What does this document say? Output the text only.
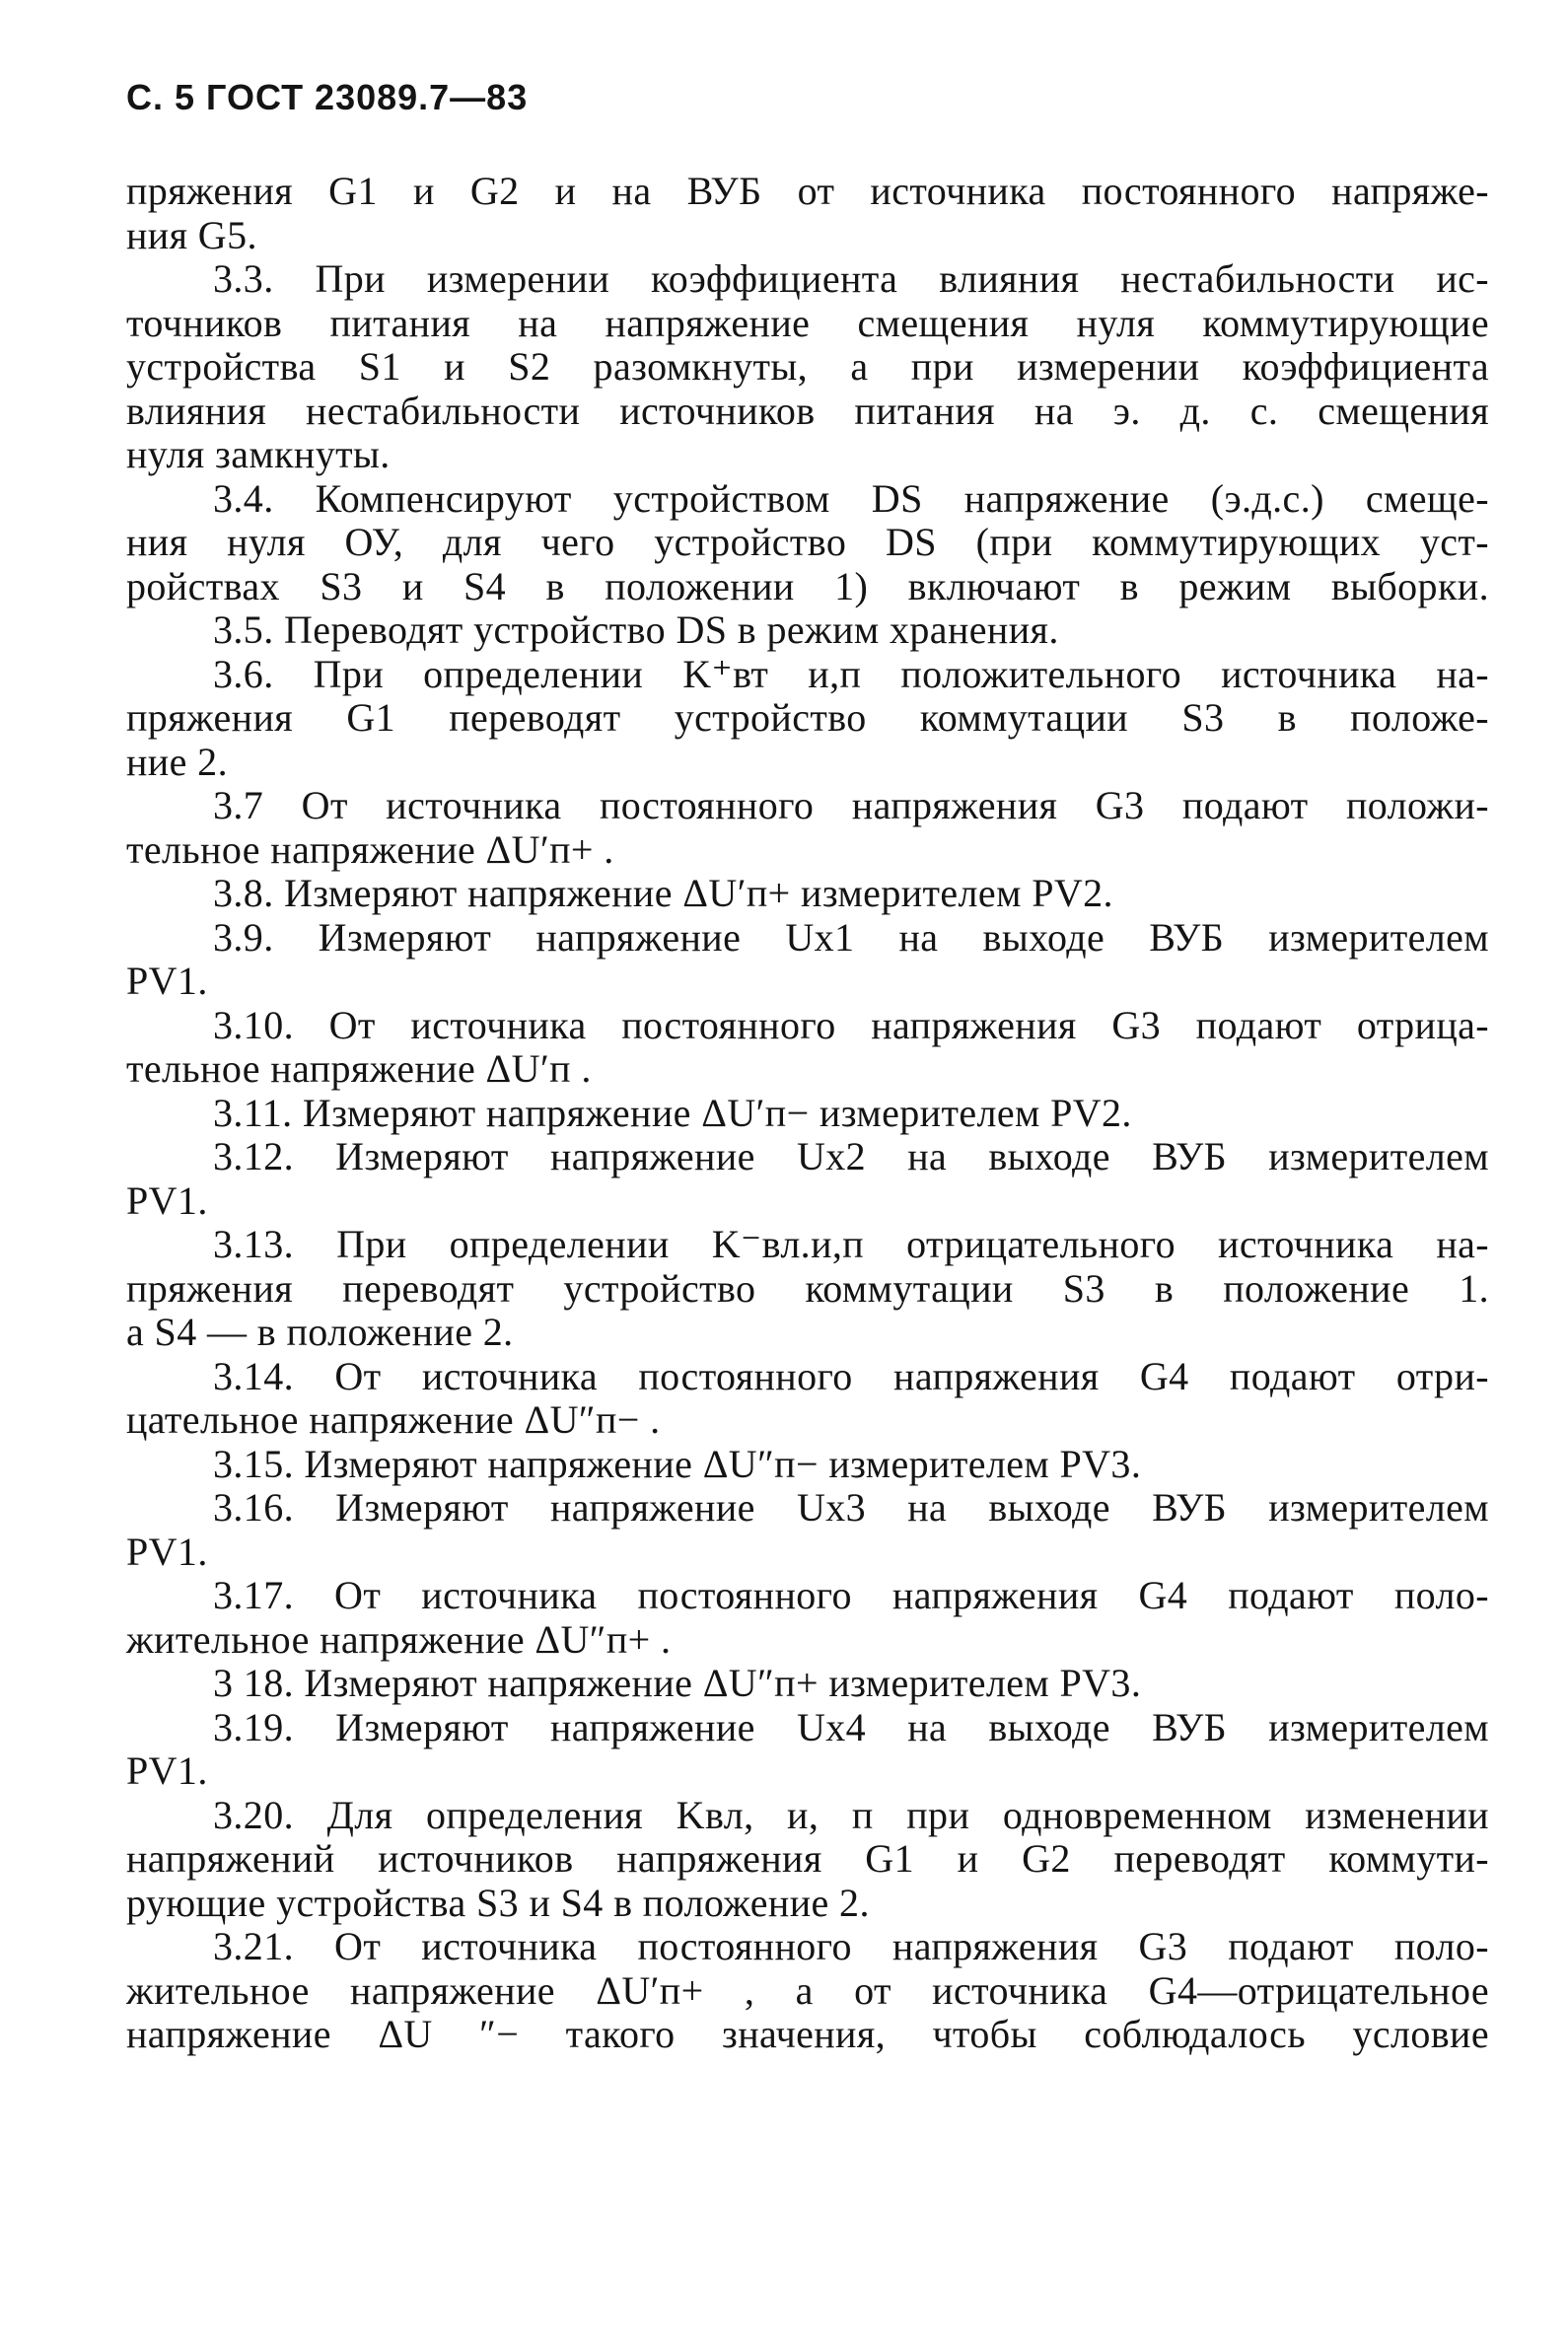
С. 5 ГОСТ 23089.7—83
пряжения G1 и G2 и на ВУБ от источника постоянного напряже-
ния G5.
3.3. При измерении коэффициента влияния нестабильности ис-
точников питания на напряжение смещения нуля коммутирующие
устройства S1 и S2 разомкнуты, а при измерении коэффициента
влияния нестабильности источников питания на э. д. с. смещения
нуля замкнуты.
3.4. Компенсируют устройством DS напряжение (э.д.с.) смеще-
ния нуля ОУ, для чего устройство DS (при коммутирующих уст-
ройствах S3 и S4 в положении 1) включают в режим выборки.
3.5. Переводят устройство DS в режим хранения.
3.6. При определении K⁺вт и,п положительного источника на-
пряжения G1 переводят устройство коммутации S3 в положе-
ние 2.
3.7 От источника постоянного напряжения G3 подают положи-
тельное напряжение ΔU′п+ .
3.8. Измеряют напряжение ΔU′п+ измерителем PV2.
3.9. Измеряют напряжение Ux1 на выходе ВУБ измерителем
PV1.
3.10. От источника постоянного напряжения G3 подают отрица-
тельное напряжение ΔU′п .
3.11. Измеряют напряжение ΔU′п− измерителем PV2.
3.12. Измеряют напряжение Ux2 на выходе ВУБ измерителем
PV1.
3.13. При определении K⁻вл.и,п отрицательного источника на-
пряжения переводят устройство коммутации S3 в положение 1.
а S4 — в положение 2.
3.14. От источника постоянного напряжения G4 подают отри-
цательное напряжение ΔU″п− .
3.15. Измеряют напряжение ΔU″п− измерителем PV3.
3.16. Измеряют напряжение Ux3 на выходе ВУБ измерителем
PV1.
3.17. От источника постоянного напряжения G4 подают поло-
жительное напряжение ΔU″п+ .
3 18. Измеряют напряжение ΔU″п+ измерителем PV3.
3.19. Измеряют напряжение Ux4 на выходе ВУБ измерителем
PV1.
3.20. Для определения Kвл, и, п при одновременном изменении
напряжений источников напряжения G1 и G2 переводят коммути-
рующие устройства S3 и S4 в положение 2.
3.21. От источника постоянного напряжения G3 подают поло-
жительное напряжение ΔU′п+ , а от источника G4—отрицательное
напряжение ΔU ″− такого значения, чтобы соблюдалось условие
